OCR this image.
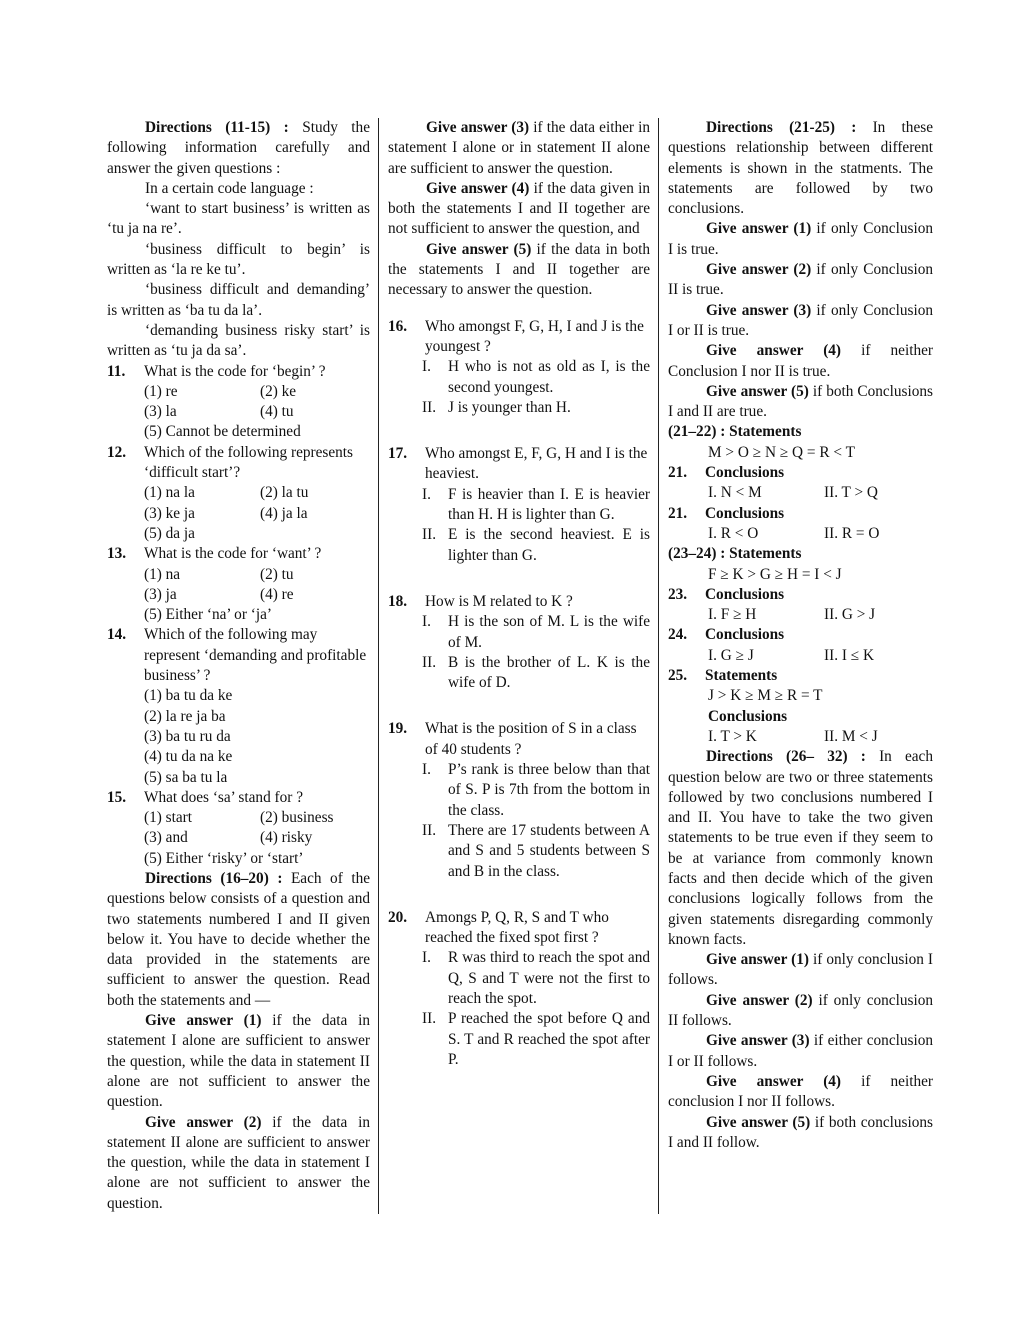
Directions (11-15) : Study the following information carefully and answer the given questions :

In a certain code language :

‘want to start business’ is written as ‘tu ja na re’.

‘business difficult to begin’ is written as ‘la re ke tu’.

‘business difficult and demanding’ is written as ‘ba tu da la’.

‘demanding business risky start’ is written as ‘tu ja da sa’.

11. What is the code for ‘begin’ ?
(1) re	(2) ke
(3) la	(4) tu
(5) Cannot be determined
12. Which of the following represents ‘difficult start’?
(1) na la	(2) la tu
(3) ke ja	(4) ja la
(5) da ja
13. What is the code for ‘want’ ?
(1) na	(2) tu
(3) ja	(4) re
(5) Either ‘na’ or ‘ja’
14. Which of the following may represent ‘demanding and profitable business’ ?
(1) ba tu da ke
(2) la re ja ba
(3) ba tu ru da
(4) tu da na ke
(5) sa ba tu la
15. What does ‘sa’ stand for ?
(1) start	(2) business
(3) and	(4) risky
(5) Either ‘risky’ or ‘start’

Directions (16–20) : Each of the questions below consists of a question and two statements numbered I and II given below it. You have to decide whether the data provided in the statements are sufficient to answer the question. Read both the statements and —

Give answer (1) if the data in statement I alone are sufficient to answer the question, while the data in statement II alone are not sufficient to answer the question.

Give answer (2) if the data in statement II alone are sufficient to answer the question, while the data in statement I alone are not sufficient to answer the question.

Give answer (3) if the data either in statement I alone or in statement II alone are sufficient to answer the question.

Give answer (4) if the data given in both the statements I and II together are not sufficient to answer the question, and

Give answer (5) if the data in both the statements I and II together are necessary to answer the question.

16. Who amongst F, G, H, I and J is the youngest ?
I. H who is not as old as I, is the second youngest.
II. J is younger than H.
17. Who amongst E, F, G, H and I is the heaviest.
I. F is heavier than I. E is heavier than H. H is lighter than G.
II. E is the second heaviest. E is lighter than G.
18. How is M related to K ?
I. H is the son of M. L is the wife of M.
II. B is the brother of L. K is the wife of D.
19. What is the position of S in a class of 40 students ?
I. P’s rank is three below than that of S. P is 7th from the bottom in the class.
II. There are 17 students between A and S and 5 students between S and B in the class.
20. Amongs P, Q, R, S and T who reached the fixed spot first ?
I. R was third to reach the spot and Q, S and T were not the first to reach the spot.
II. P reached the spot before Q and S. T and R reached the spot after P.

Directions (21-25) : In these questions relationship between different elements is shown in the statments. The statements are followed by two conclusions.

Give answer (1) if only Conclusion I is true.

Give answer (2) if only Conclusion II is true.

Give answer (3) if only Conclusion I or II is true.

Give answer (4) if neither Conclusion I nor II is true.

Give answer (5) if both Conclusions I and II are true.

(21–22) : Statements
M > O ≥ N ≥ Q = R < T
21. Conclusions
I. N < M	II. T > Q
21. Conclusions
I. R < O	II. R = O
(23–24) : Statements
F ≥ K > G ≥ H = I < J
23. Conclusions
I. F ≥ H	II. G > J
24. Conclusions
I. G ≥ J	II. I ≤ K
25. Statements
J > K ≥ M ≥ R = T
Conclusions
I. T > K	II. M < J

Directions (26– 32) : In each question below are two or three statements followed by two conclusions numbered I and II. You have to take the two given statements to be true even if they seem to be at variance from commonly known facts and then decide which of the given conclusions logically follows from the given statements disregarding commonly known facts.

Give answer (1) if only conclusion I follows.

Give answer (2) if only conclusion II follows.

Give answer (3) if either conclusion I or II follows.

Give answer (4) if neither conclusion I nor II follows.

Give answer (5) if both conclusions I and II follow.
